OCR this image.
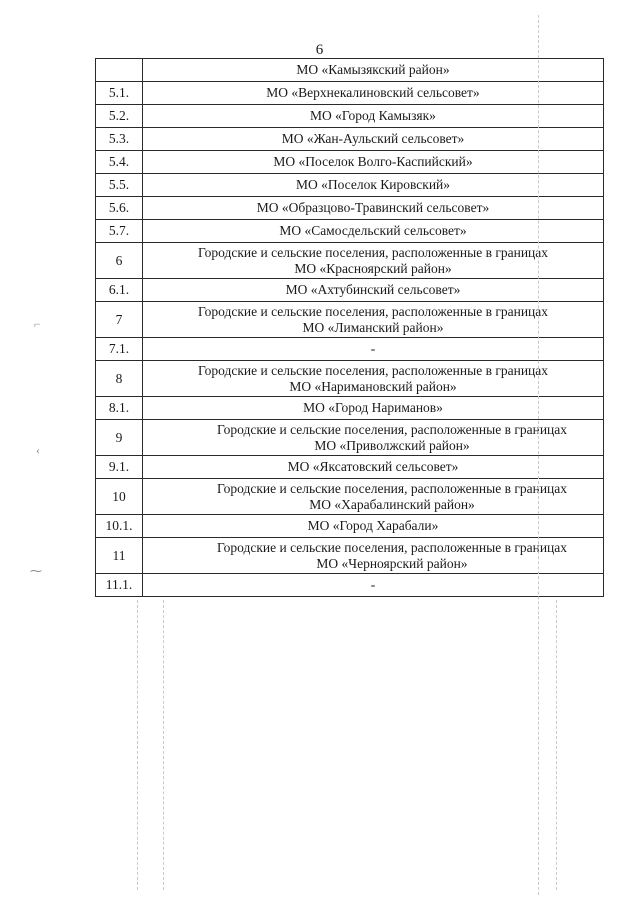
6
	МО «Камызякский район»
5.1.	МО «Верхнекалиновский сельсовет»
5.2.	МО «Город Камызяк»
5.3.	МО «Жан-Аульский сельсовет»
5.4.	МО «Поселок Волго-Каспийский»
5.5.	МО «Поселок Кировский»
5.6.	МО «Образцово-Травинский сельсовет»
5.7.	МО «Самосдельский сельсовет»
6	Городские и сельские поселения, расположенные в границах
МО «Красноярский район»

6.1.	МО «Ахтубинский сельсовет»
7	Городские и сельские поселения, расположенные в границах
МО «Лиманский район»

7.1.	-
8	Городские и сельские поселения, расположенные в границах
МО «Наримановский район»

8.1.	МО «Город Нариманов»
9	Городские и сельские поселения, расположенные в границах
МО «Приволжский район»

9.1.	МО «Яксатовский сельсовет»
10	Городские и сельские поселения, расположенные в границах
МО «Харабалинский район»

10.1.	МО «Город Харабали»
11	Городские и сельские поселения, расположенные в границах
МО «Черноярский район»

11.1.	-
⌐
‹
⁓
